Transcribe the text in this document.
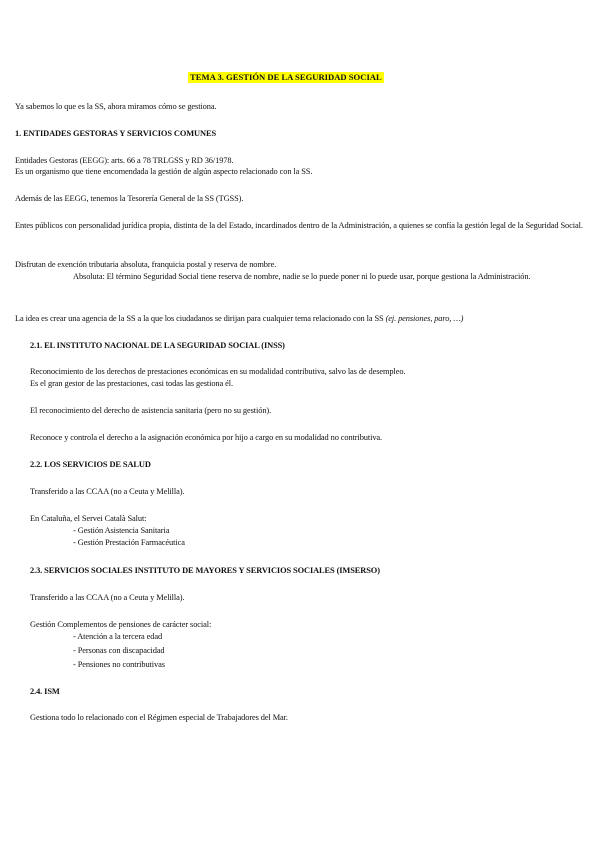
TEMA 3. GESTIÓN DE LA SEGURIDAD SOCIAL
Ya sabemos lo que es la SS, ahora miramos cómo se gestiona.
1. ENTIDADES GESTORAS Y SERVICIOS COMUNES
Entidades Gestoras (EEGG): arts. 66 a 78 TRLGSS y RD 36/1978.
Es un organismo que tiene encomendada la gestión de algún aspecto relacionado con la SS.
Además de las EEGG, tenemos la Tesorería General de la SS (TGSS).
Entes públicos con personalidad jurídica propia, distinta de la del Estado, incardinados dentro de la Administración, a quienes se confía la gestión legal de la Seguridad Social.
Disfrutan de exención tributaria absoluta, franquicia postal y reserva de nombre.
Absoluta: El término Seguridad Social tiene reserva de nombre, nadie se lo puede poner ni lo puede usar, porque gestiona la Administración.
La idea es crear una agencia de la SS a la que los ciudadanos se dirijan para cualquier tema relacionado con la SS (ej. pensiones, paro, …)
2.1. EL INSTITUTO NACIONAL DE LA SEGURIDAD SOCIAL (INSS)
Reconocimiento de los derechos de prestaciones económicas en su modalidad contributiva, salvo las de desempleo.
Es el gran gestor de las prestaciones, casi todas las gestiona él.
El reconocimiento del derecho de asistencia sanitaria (pero no su gestión).
Reconoce y controla el derecho a la asignación económica por hijo a cargo en su modalidad no contributiva.
2.2. LOS SERVICIOS DE SALUD
Transferido a las CCAA (no a Ceuta y Melilla).
En Cataluña, el Servei Català Salut:
- Gestión Asistencia Sanitaria
- Gestión Prestación Farmacéutica
2.3. SERVICIOS SOCIALES INSTITUTO DE MAYORES Y SERVICIOS SOCIALES (IMSERSO)
Transferido a las CCAA (no a Ceuta y Melilla).
Gestión Complementos de pensiones de carácter social:
- Atención a la tercera edad
- Personas con discapacidad
- Pensiones no contributivas
2.4. ISM
Gestiona todo lo relacionado con el Régimen especial de Trabajadores del Mar.
